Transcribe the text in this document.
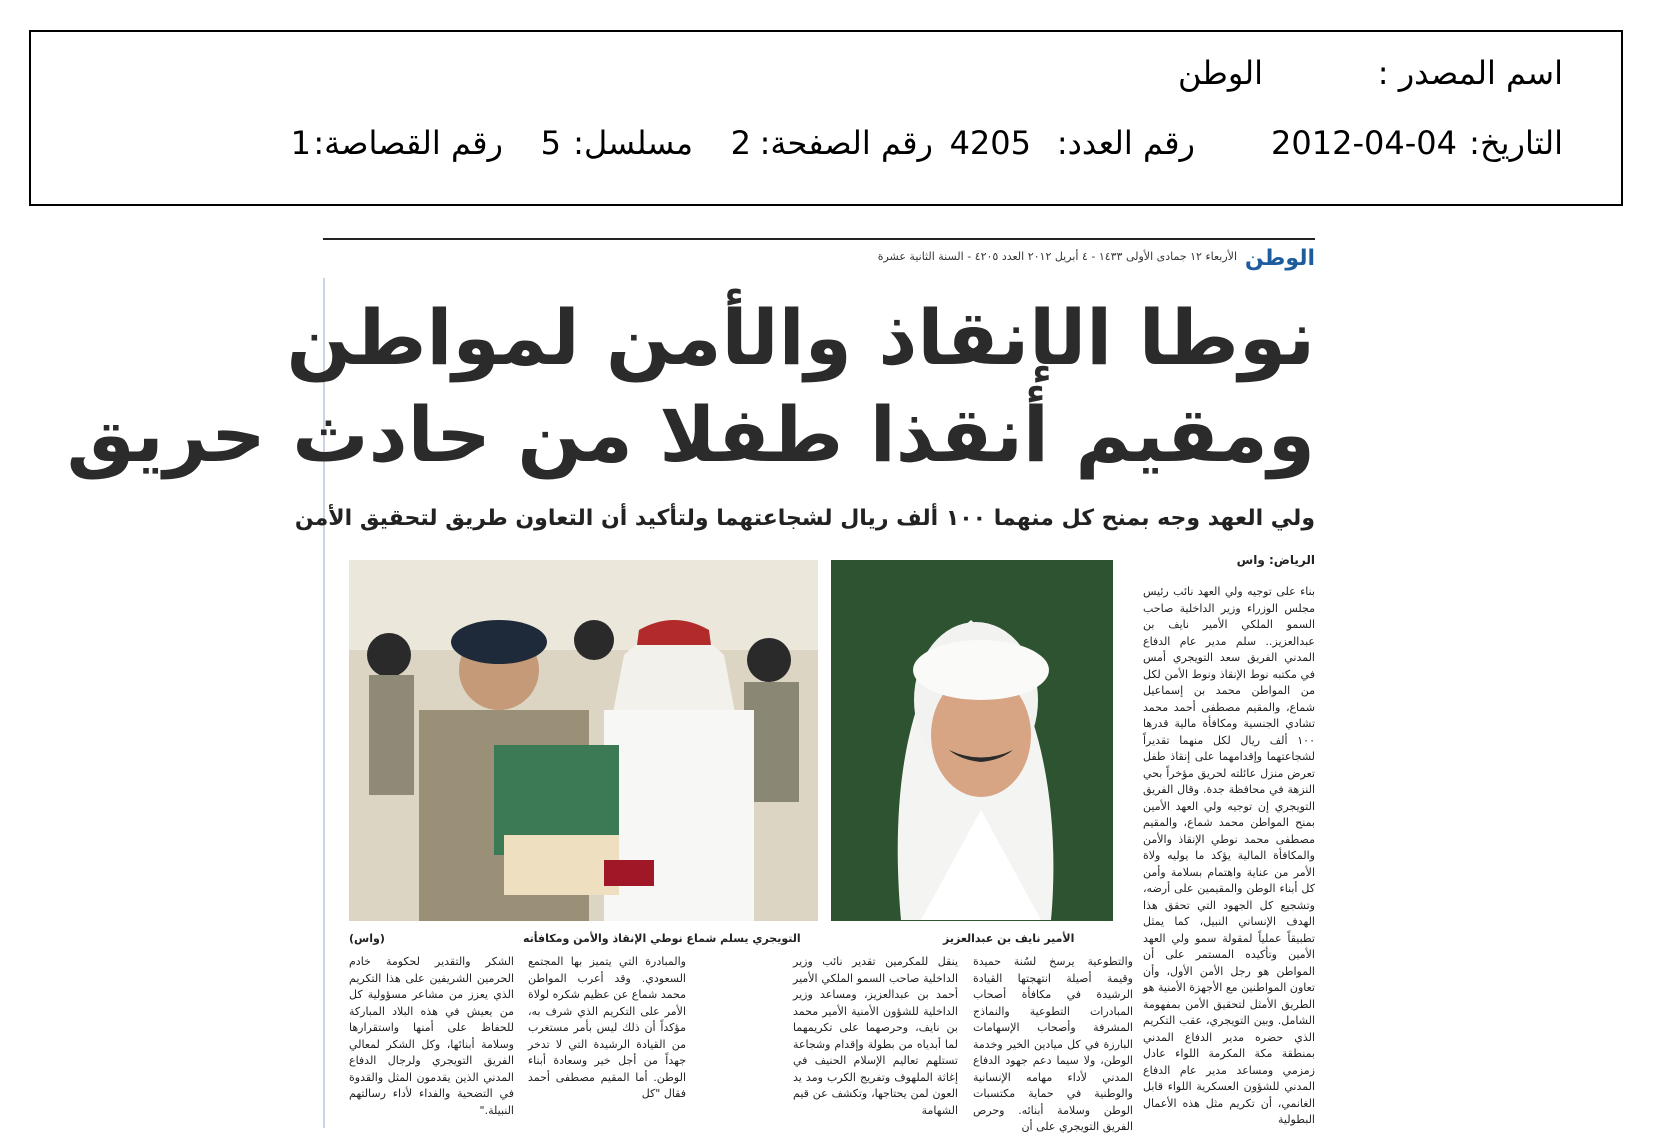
اسم المصدر :
الوطن
التاريخ:
2012-04-04
رقم العدد:
4205
رقم الصفحة:
2
مسلسل:
5
رقم القصاصة:
1
الوطن
الأربعاء ١٢ جمادى الأولى ١٤٣٣ - ٤ أبريل ٢٠١٢ العدد ٤٢٠٥ - السنة الثانية عشرة
نوطا الإنقاذ والأمن لمواطن
ومقيم أنقذا طفلا من حادث حريق
ولي العهد وجه بمنح كل منهما ١٠٠ ألف ريال لشجاعتهما ولتأكيد أن التعاون طريق لتحقيق الأمن
الرياض: واس

بناء على توجيه ولي العهد نائب رئيس مجلس الوزراء وزير الداخلية صاحب السمو الملكي الأمير نايف بن عبدالعزيز.. سلم مدير عام الدفاع المدني الفريق سعد التويجري أمس في مكتبه نوط الإنقاذ ونوط الأمن لكل من المواطن محمد بن إسماعيل شماع، والمقيم مصطفى أحمد محمد تشادي الجنسية ومكافأة مالية قدرها ١٠٠ ألف ريال لكل منهما تقديراً لشجاعتهما وإقدامهما على إنقاذ طفل تعرض منزل عائلته لحريق مؤخراً بحي النزهة في محافظة جدة. وقال الفريق التويجري إن توجيه ولي العهد الأمين بمنح المواطن محمد شماع، والمقيم مصطفى محمد نوطي الإنقاذ والأمن والمكافأة المالية يؤكد ما يوليه ولاة الأمر من عناية واهتمام بسلامة وأمن كل أبناء الوطن والمقيمين على أرضه، وتشجيع كل الجهود التي تحقق هذا الهدف الإنساني النبيل، كما يمثل تطبيقاً عملياً لمقولة سمو ولي العهد الأمين وتأكيده المستمر على أن المواطن هو رجل الأمن الأول، وأن تعاون المواطنين مع الأجهزة الأمنية هو الطريق الأمثل لتحقيق الأمن بمفهومة الشامل. وبين التويجري، عقب التكريم الذي حضره مدير الدفاع المدني بمنطقة مكة المكرمة اللواء عادل زمزمي ومساعد مدير عام الدفاع المدني للشؤون العسكرية اللواء قابل الغانمي، أن تكريم مثل هذه الأعمال البطولية

الأمير نايف بن عبدالعزيز
التويجري يسلم شماع نوطي الإنقاذ والأمن ومكافأته
(واس)

والتطوعية يرسخ لسُنة حميدة وقيمة أصيلة انتهجتها القيادة الرشيدة في مكافأة أصحاب المبادرات التطوعية والنماذج المشرفة وأصحاب الإسهامات البارزة في كل ميادين الخير وخدمة الوطن، ولا سيما دعم جهود الدفاع المدني لأداء مهامه الإنسانية والوطنية في حماية مكتسبات الوطن وسلامة أبنائه. وحرص الفريق التويجري على أن

ينقل للمكرمين تقدير نائب وزير الداخلية صاحب السمو الملكي الأمير أحمد بن عبدالعزيز، ومساعد وزير الداخلية للشؤون الأمنية الأمير محمد بن نايف، وحرصهما على تكريمهما لما أبدياه من بطولة وإقدام وشجاعة تستلهم تعاليم الإسلام الحنيف في إغاثة الملهوف وتفريج الكرب ومد يد العون لمن يحتاجها، وتكشف عن قيم الشهامة

والمبادرة التي يتميز بها المجتمع السعودي. وقد أعرب المواطن محمد شماع عن عظيم شكره لولاة الأمر على التكريم الذي شرف به، مؤكداً أن ذلك ليس بأمر مستغرب من القيادة الرشيدة التي لا تدخر جهداً من أجل خير وسعادة أبناء الوطن. أما المقيم مصطفى أحمد فقال "كل

الشكر والتقدير لحكومة خادم الحرمين الشريفين على هذا التكريم الذي يعزز من مشاعر مسؤولية كل من يعيش في هذه البلاد المباركة للحفاظ على أمنها واستقرارها وسلامة أبنائها، وكل الشكر لمعالي الفريق التويجري ولرجال الدفاع المدني الذين يقدمون المثل والقدوة في التضحية والفداء لأداء رسالتهم النبيلة."
